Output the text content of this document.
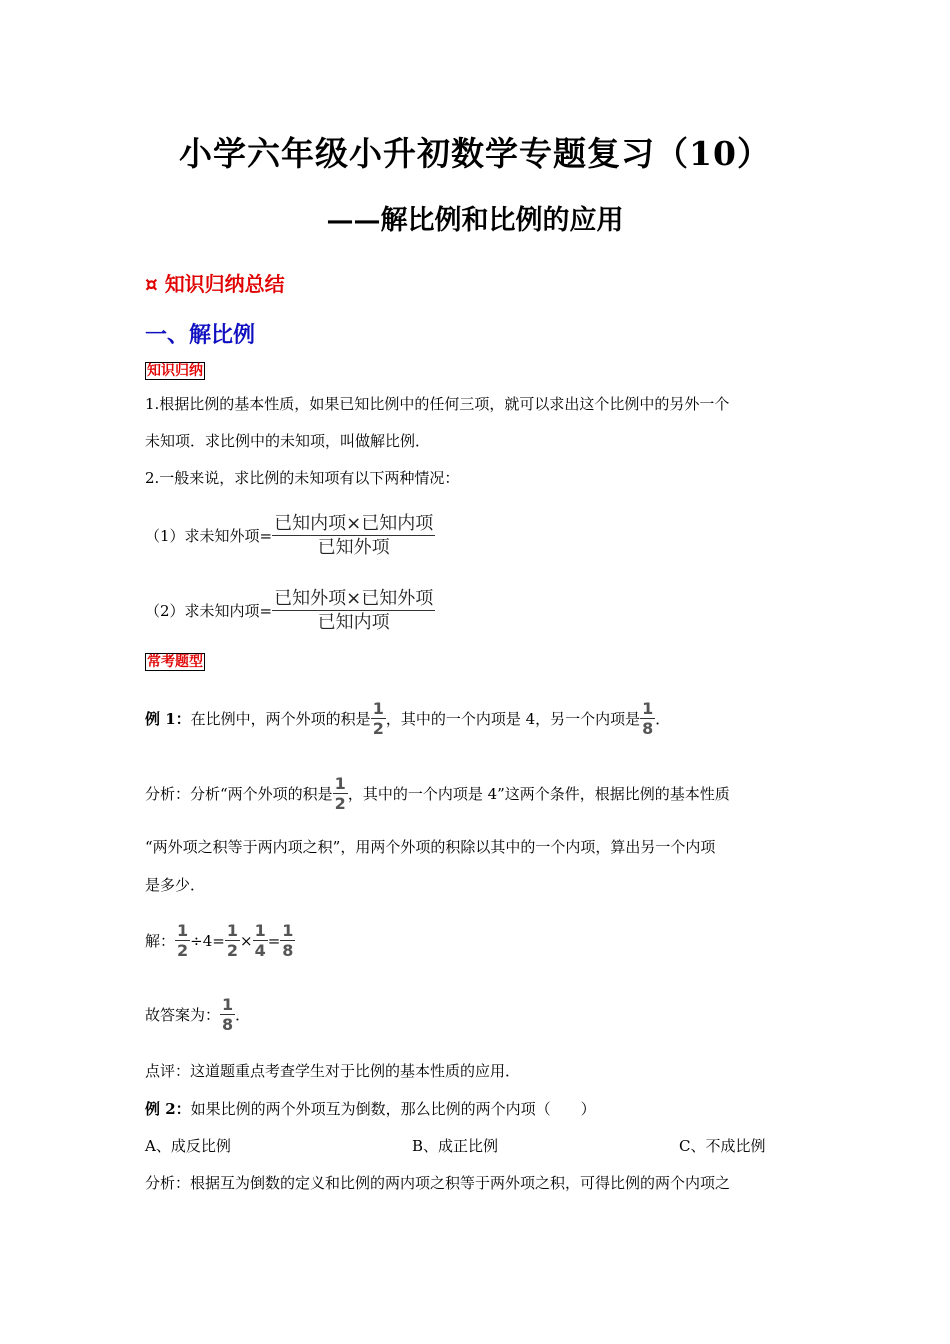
小学六年级小升初数学专题复习（10）
——解比例和比例的应用
¤ 知识归纳总结
一、解比例
知识归纳
1.根据比例的基本性质，如果已知比例中的任何三项，就可以求出这个比例中的另外一个
未知项．求比例中的未知项，叫做解比例．
2.一般来说，求比例的未知项有以下两种情况：
（1）求未知外项= $\frac{\text{已知内项×已知内项}}{\text{已知外项}}$
（2）求未知内项= $\frac{\text{已知外项×已知外项}}{\text{已知内项}}$
常考题型
例 1： 在比例中，两个外项的积是 $\frac{1}{2}$ ，其中的一个内项是 4，另一个内项是 $\frac{1}{8}$ ．
分析：分析“两个外项的积是 $\frac{1}{2}$ ，其中的一个内项是 4”这两个条件，根据比例的基本性质
“两外项之积等于两内项之积”，用两个外项的积除以其中的一个内项，算出另一个内项
是多少．
解： $\frac{1}{2} \div 4= \frac{1}{2} \times \frac{1}{4} = \frac{1}{8}$
故答案为： $\frac{1}{8}$ ．
点评：这道题重点考查学生对于比例的基本性质的应用．
例 2：如果比例的两个外项互为倒数，那么比例的两个内项（　　）
A、成反比例	B、成正比例	C、不成比例
分析：根据互为倒数的定义和比例的两内项之积等于两外项之积，可得比例的两个内项之
